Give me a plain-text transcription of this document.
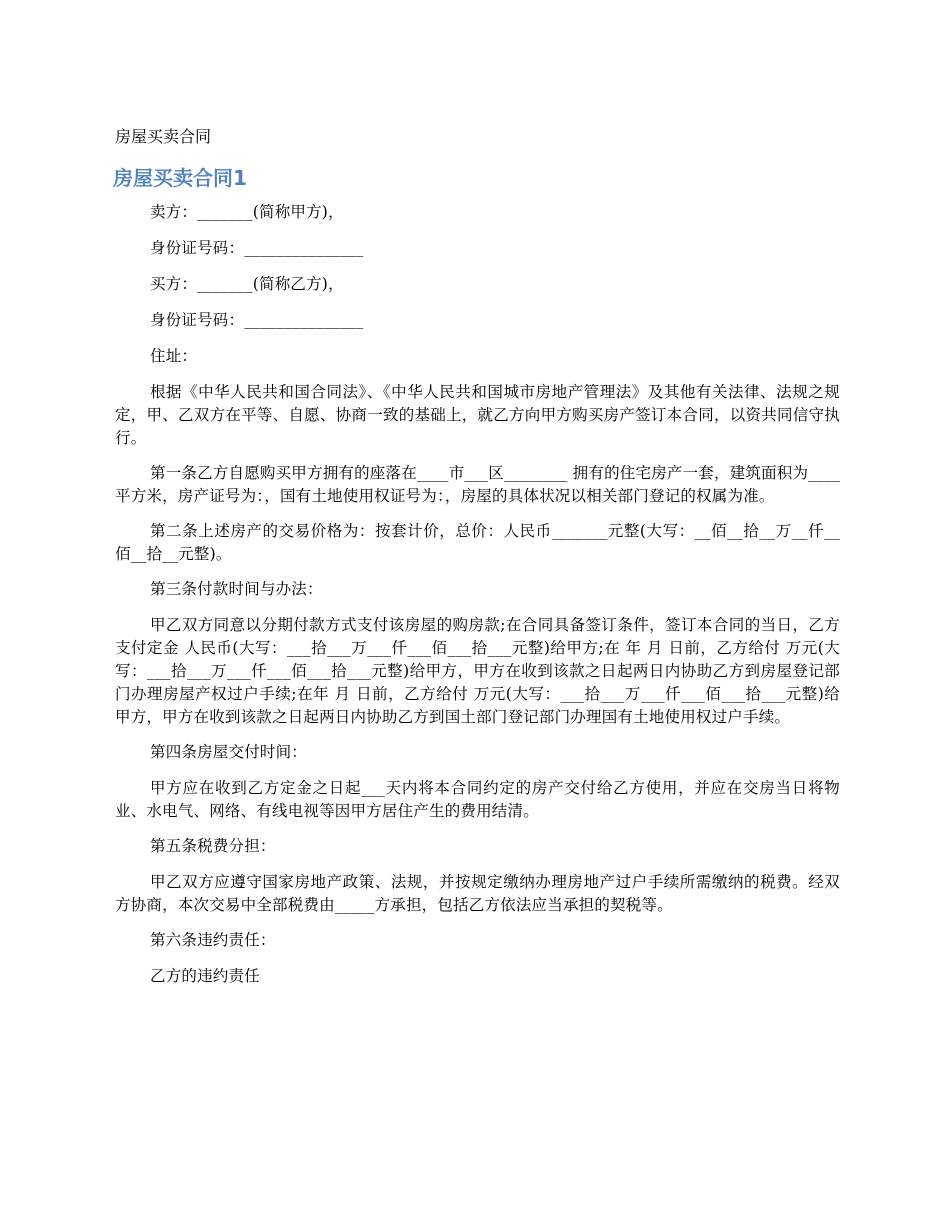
房屋买卖合同

房屋买卖合同1

卖方：_______(简称甲方)，

身份证号码：_______________

买方：_______(简称乙方)，

身份证号码：_______________

住址：

根据《中华人民共和国合同法》、《中华人民共和国城市房地产管理法》及其他有关法律、法规之规定，甲、乙双方在平等、自愿、协商一致的基础上，就乙方向甲方购买房产签订本合同，以资共同信守执行。

第一条乙方自愿购买甲方拥有的座落在____市___区________ 拥有的住宅房产一套，建筑面积为____平方米，房产证号为：，国有土地使用权证号为：，房屋的具体状况以相关部门登记的权属为准。

第二条上述房产的交易价格为：按套计价，总价：人民币_______元整(大写：__佰__拾__万__仟__佰__拾__元整)。

第三条付款时间与办法：

甲乙双方同意以分期付款方式支付该房屋的购房款;在合同具备签订条件，签订本合同的当日，乙方支付定金 人民币(大写：___拾___万___仟___佰___拾___元整)给甲方;在 年 月 日前，乙方给付 万元(大写：___拾___万___仟___佰___拾___元整)给甲方，甲方在收到该款之日起两日内协助乙方到房屋登记部门办理房屋产权过户手续;在年 月 日前，乙方给付 万元(大写：___拾___万___仟___佰___拾___元整)给甲方，甲方在收到该款之日起两日内协助乙方到国土部门登记部门办理国有土地使用权过户手续。

第四条房屋交付时间：

甲方应在收到乙方定金之日起___天内将本合同约定的房产交付给乙方使用，并应在交房当日将物业、水电气、网络、有线电视等因甲方居住产生的费用结清。

第五条税费分担：

甲乙双方应遵守国家房地产政策、法规，并按规定缴纳办理房地产过户手续所需缴纳的税费。经双方协商，本次交易中全部税费由_____方承担，包括乙方依法应当承担的契税等。

第六条违约责任：

乙方的违约责任
